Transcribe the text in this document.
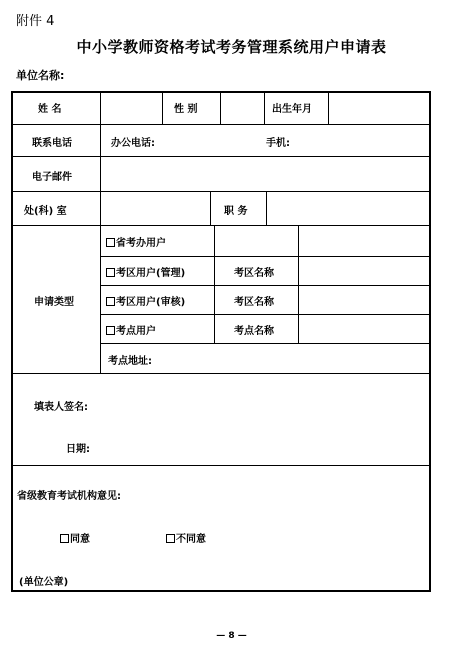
附件 4
中小学教师资格考试考务管理系统用户申请表
单位名称:
姓 名	性 别	出生年月
联系电话	办公电话:	手机:
电子邮件
处(科) 室	职 务
申请类型
省考办用户
考区用户(管理)	考区名称
考区用户(审核)	考区名称
考点用户	考点名称
考点地址:
填表人签名:
日期:
省级教育考试机构意见:
同意	不同意
(单位公章)
— 8 —
